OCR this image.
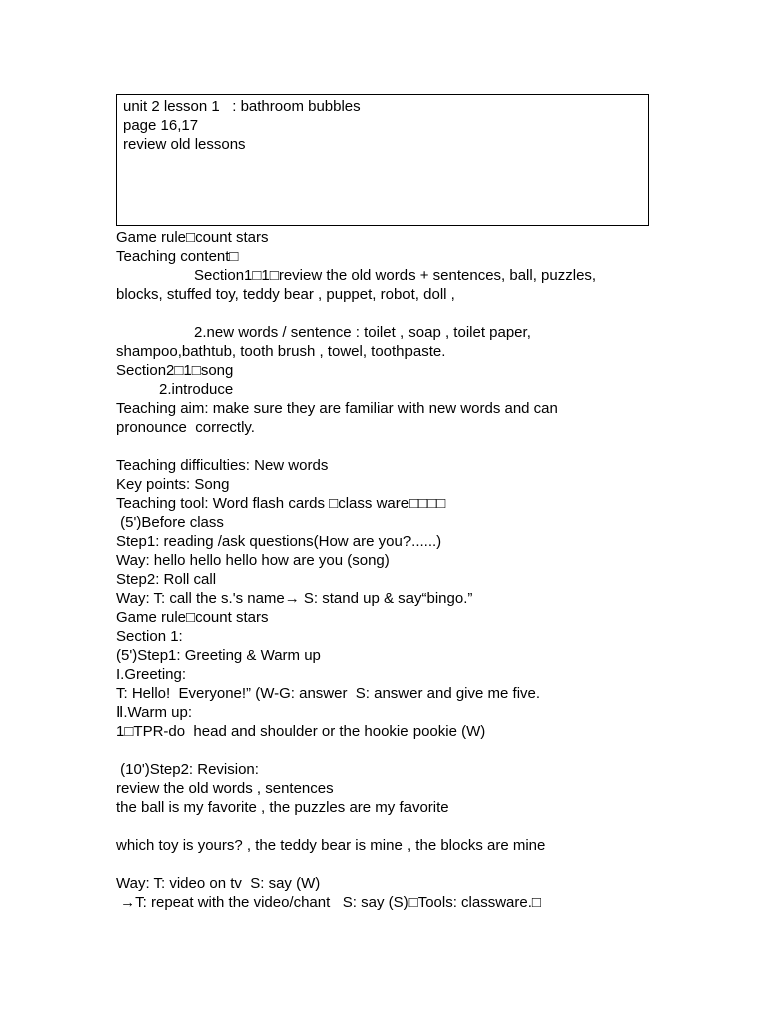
unit 2 lesson 1   : bathroom bubbles
page 16,17
review old lessons
Game rule□count stars
Teaching content□
Section1□1□review the old words + sentences, ball, puzzles,
blocks, stuffed toy, teddy bear , puppet, robot, doll ,
2.new words / sentence : toilet , soap , toilet paper,
shampoo,bathtub, tooth brush , towel, toothpaste.
Section2□1□song
2.introduce
Teaching aim: make sure they are familiar with new words and can
pronounce  correctly.
Teaching difficulties: New words
Key points: Song
Teaching tool: Word flash cards □class ware□□□□
(5')Before class
Step1: reading /ask questions(How are you?......)
Way: hello hello hello how are you (song)
Step2: Roll call
Way: T: call the s.'s name→ S: stand up & say“bingo.”
Game rule□count stars
Section 1:
(5')Step1: Greeting & Warm up
I.Greeting:
T: Hello!  Everyone!” (W-G: answer  S: answer and give me five.
Ⅱ.Warm up:
1□TPR-do  head and shoulder or the hookie pookie (W)
(10')Step2: Revision:
review the old words , sentences
the ball is my favorite , the puzzles are my favorite
which toy is yours? , the teddy bear is mine , the blocks are mine
Way: T: video on tv  S: say (W)
→T: repeat with the video/chant   S: say (S)□Tools: classware.□
